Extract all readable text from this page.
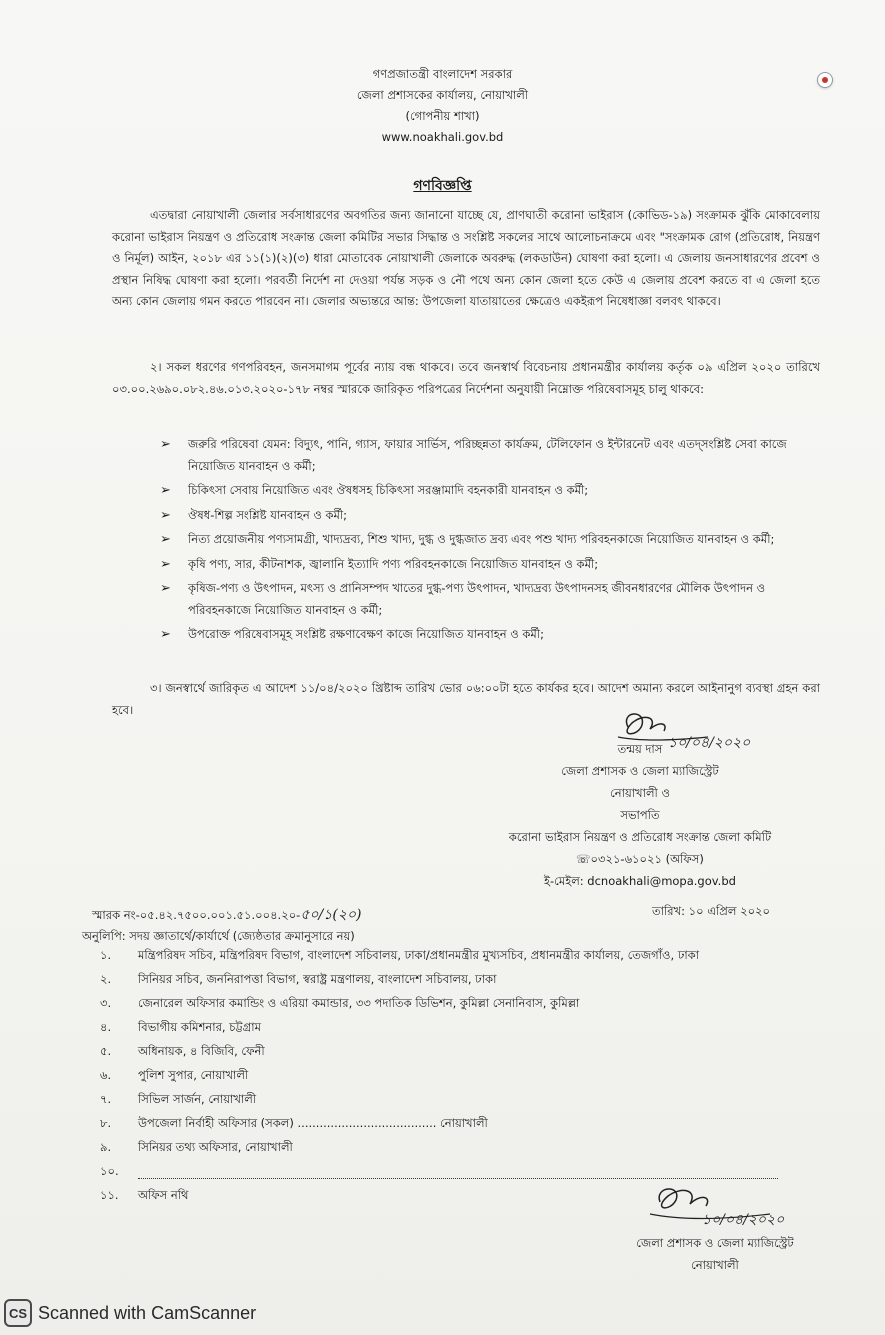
গণপ্রজাতন্ত্রী বাংলাদেশ সরকার
জেলা প্রশাসকের কার্যালয়, নোয়াখালী
(গোপনীয় শাখা)
www.noakhali.gov.bd
গণবিজ্ঞপ্তি
এতদ্বারা নোয়াখালী জেলার সর্বসাধারণের অবগতির জন্য জানানো যাচ্ছে যে, প্রাণঘাতী করোনা ভাইরাস (কোভিড-১৯) সংক্রামক ঝুঁকি মোকাবেলায় করোনা ভাইরাস নিয়ন্ত্রণ ও প্রতিরোধ সংক্রান্ত জেলা কমিটির সভার সিদ্ধান্ত ও সংশ্লিষ্ট সকলের সাথে আলোচনাক্রমে এবং "সংক্রামক রোগ (প্রতিরোধ, নিয়ন্ত্রণ ও নির্মূল) আইন, ২০১৮ এর ১১(১)(২)(৩) ধারা মোতাবেক নোয়াখালী জেলাকে অবরুদ্ধ (লকডাউন) ঘোষণা করা হলো। এ জেলায় জনসাধারণের প্রবেশ ও প্রস্থান নিষিদ্ধ ঘোষণা করা হলো। পরবর্তী নির্দেশ না দেওয়া পর্যন্ত সড়ক ও নৌ পথে অন্য কোন জেলা হতে কেউ এ জেলায় প্রবেশ করতে বা এ জেলা হতে অন্য কোন জেলায় গমন করতে পারবেন না। জেলার অভ্যন্তরে আন্ত: উপজেলা যাতায়াতের ক্ষেত্রেও একইরূপ নিষেধাজ্ঞা বলবৎ থাকবে।
২। সকল ধরণের গণপরিবহন, জনসমাগম পূর্বের ন্যায় বন্ধ থাকবে। তবে জনস্বার্থ বিবেচনায় প্রধানমন্ত্রীর কার্যালয় কর্তৃক ০৯ এপ্রিল ২০২০ তারিখে ০৩.০০.২৬৯০.০৮২.৪৬.০১৩.২০২০-১৭৮ নম্বর স্মারকে জারিকৃত পরিপত্রের নির্দেশনা অনুযায়ী নিম্নোক্ত পরিষেবাসমূহ চালু থাকবে:
➢ জরুরি পরিষেবা যেমন: বিদ্যুৎ, পানি, গ্যাস, ফায়ার সার্ভিস, পরিচ্ছন্নতা কার্যক্রম, টেলিফোন ও ইন্টারনেট এবং এতদ্সংশ্লিষ্ট সেবা কাজে নিয়োজিত যানবাহন ও কর্মী;
➢ চিকিৎসা সেবায় নিয়োজিত এবং ঔষধসহ চিকিৎসা সরঞ্জামাদি বহনকারী যানবাহন ও কর্মী;
➢ ঔষধ-শিল্প সংশ্লিষ্ট যানবাহন ও কর্মী;
➢ নিত্য প্রয়োজনীয় পণ্যসামগ্রী, খাদ্যদ্রব্য, শিশু খাদ্য, দুগ্ধ ও দুগ্ধজাত দ্রব্য এবং পশু খাদ্য পরিবহনকাজে নিয়োজিত যানবাহন ও কর্মী;
➢ কৃষি পণ্য, সার, কীটনাশক, জ্বালানি ইত্যাদি পণ্য পরিবহনকাজে নিয়োজিত যানবাহন ও কর্মী;
➢ কৃষিজ-পণ্য ও উৎপাদন, মৎস্য ও প্রানিসম্পদ খাতের দুগ্ধ-পণ্য উৎপাদন, খাদ্যদ্রব্য উৎপাদনসহ জীবনধারণের মৌলিক উৎপাদন ও পরিবহনকাজে নিয়োজিত যানবাহন ও কর্মী;
➢ উপরোক্ত পরিষেবাসমূহ সংশ্লিষ্ট রক্ষণাবেক্ষণ কাজে নিয়োজিত যানবাহন ও কর্মী;
৩। জনস্বার্থে জারিকৃত এ আদেশ ১১/০৪/২০২০ খ্রিষ্টাব্দ তারিখ ভোর ০৬:০০টা হতে কার্যকর হবে। আদেশ অমান্য করলে আইনানুগ ব্যবস্থা গ্রহন করা হবে।
১০/০৪/২০২০
তন্ময় দাস
জেলা প্রশাসক ও জেলা ম্যাজিস্ট্রেট
নোয়াখালী ও
সভাপতি
করোনা ভাইরাস নিয়ন্ত্রণ ও প্রতিরোধ সংক্রান্ত জেলা কমিটি
☏০৩২১-৬১০২১ (অফিস)
ই-মেইল: dcnoakhali@mopa.gov.bd
স্মারক নং-০৫.৪২.৭৫০০.০০১.৫১.০০৪.২০-৫০/১(২০)	তারিখ: ১০ এপ্রিল ২০২০
অনুলিপি: সদয় জ্ঞাতার্থে/কার্যার্থে (জ্যেষ্ঠতার ক্রমানুসারে নয়)
১. মন্ত্রিপরিষদ সচিব, মন্ত্রিপরিষদ বিভাগ, বাংলাদেশ সচিবালয়, ঢাকা/প্রধানমন্ত্রীর মুখ্যসচিব, প্রধানমন্ত্রীর কার্যালয়, তেজগাঁও, ঢাকা
২. সিনিয়র সচিব, জননিরাপত্তা বিভাগ, স্বরাষ্ট্র মন্ত্রণালয়, বাংলাদেশ সচিবালয়, ঢাকা
৩. জেনারেল অফিসার কমান্ডিং ও এরিয়া কমান্ডার, ৩৩ পদাতিক ডিভিশন, কুমিল্লা সেনানিবাস, কুমিল্লা
৪. বিভাগীয় কমিশনার, চট্টগ্রাম
৫. অধিনায়ক, ৪ বিজিবি, ফেনী
৬. পুলিশ সুপার, নোয়াখালী
৭. সিভিল সার্জন, নোয়াখালী
৮. উপজেলা নির্বাহী অফিসার (সকল) ...................................... নোয়াখালী
৯. সিনিয়র তথ্য অফিসার, নোয়াখালী
১০.
১১. অফিস নথি
১০/০৪/২০২০
জেলা প্রশাসক ও জেলা ম্যাজিস্ট্রেট
নোয়াখালী
CS Scanned with CamScanner
